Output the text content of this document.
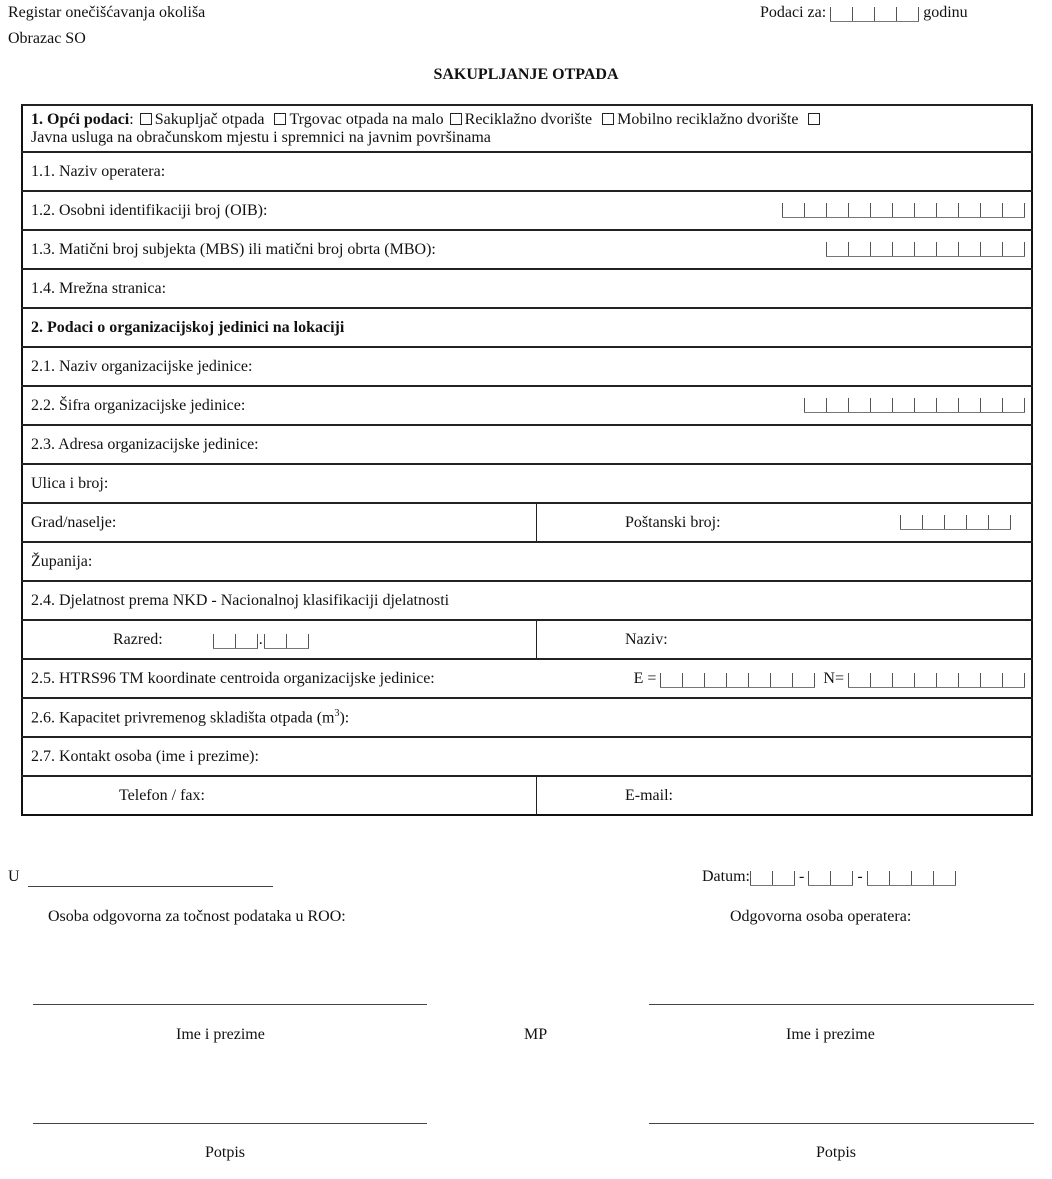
Registar onečišćavanja okoliša
Obrazac SO
Podaci za:	godinu
SAKUPLJANJE OTPADA
1. Opći podaci: Sakupljač otpada Trgovac otpada na malo Reciklažno dvorište Mobilno reciklažno dvorište
Javna usluga na obračunskom mjestu i spremnici na javnim površinama	
1.1. Naziv operatera:	

1.2. Osobni identifikaciji broj (OIB):	

1.3. Matični broj subjekta (MBS) ili matični broj obrta (MBO):	

1.4. Mrežna stranica:	
2. Podaci o organizacijskoj jedinici na lokaciji	
2.1. Naziv organizacijske jedinice:	

2.2. Šifra organizacijske jedinice:	

2.3. Adresa organizacijske jedinice:	
Ulica i broj:	
Grad/naselje:	Poštanski broj:

Županija:	
2.4. Djelatnost prema NKD - Nacionalnoj klasifikaciji djelatnosti	
Razred: .	Naziv:

2.5. HTRS96 TM koordinate centroida organizacijske jedinice: E = N=	

2.6. Kapacitet privremenog skladišta otpada $(m^3)$:	
2.7. Kontakt osoba (ime i prezime):	
Telefon / fax:	E-mail:
U	Datum:	-	-
Osoba odgovorna za točnost podataka u ROO:	Odgovorna osoba operatera:
Ime i prezime	MP	Ime i prezime
Potpis	Potpis
